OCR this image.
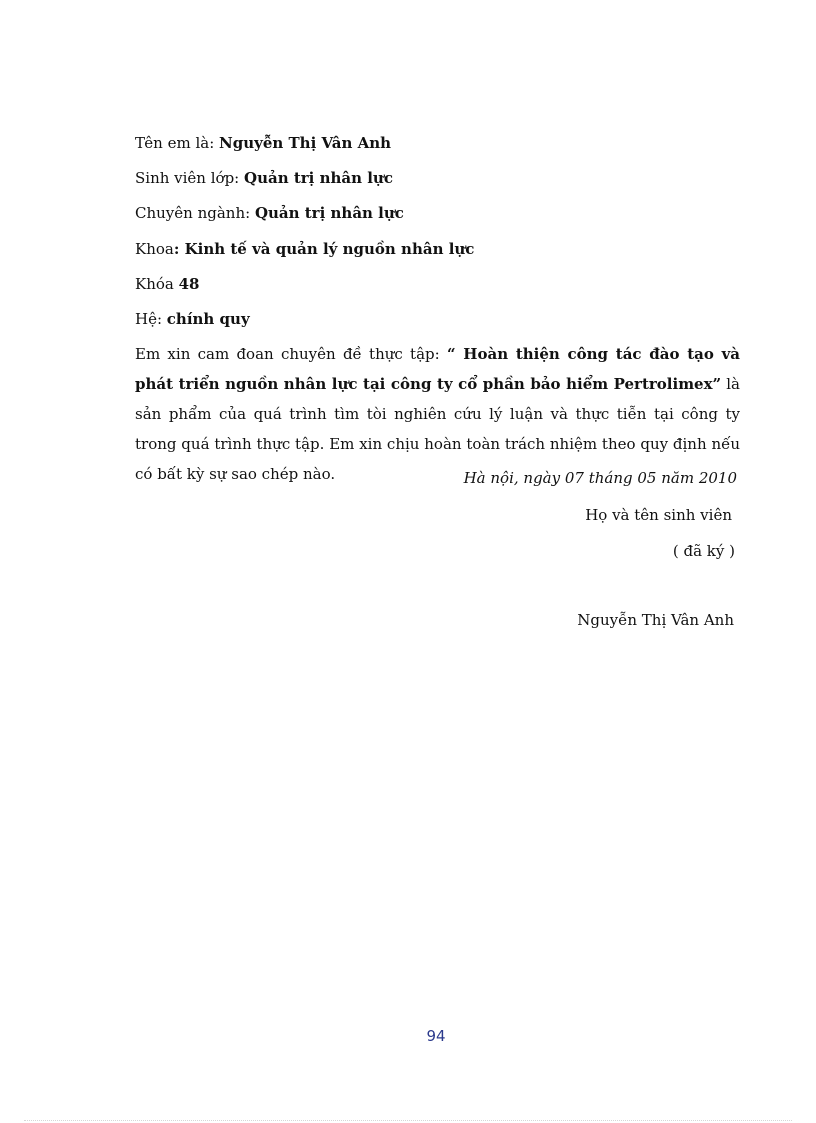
Tên em là: Nguyễn Thị Vân Anh
Sinh viên lớp: Quản trị nhân lực
Chuyên ngành: Quản trị nhân lực
Khoa: Kinh tế và quản lý nguồn nhân lực
Khóa 48
Hệ: chính quy
Em xin cam đoan chuyên đề thực tập: “ Hoàn thiện công tác đào tạo và phát triển nguồn nhân lực tại công ty cổ phần bảo hiểm Pertrolimex” là sản phẩm của quá trình tìm tòi nghiên cứu lý luận và thực tiễn tại công ty trong quá trình thực tập. Em xin chịu hoàn toàn trách nhiệm theo quy định nếu có bất kỳ sự sao chép nào.	Hà nội, ngày 07 tháng 05 năm 2010
Họ và tên sinh viên
( đã ký )
Nguyễn Thị Vân Anh
94
